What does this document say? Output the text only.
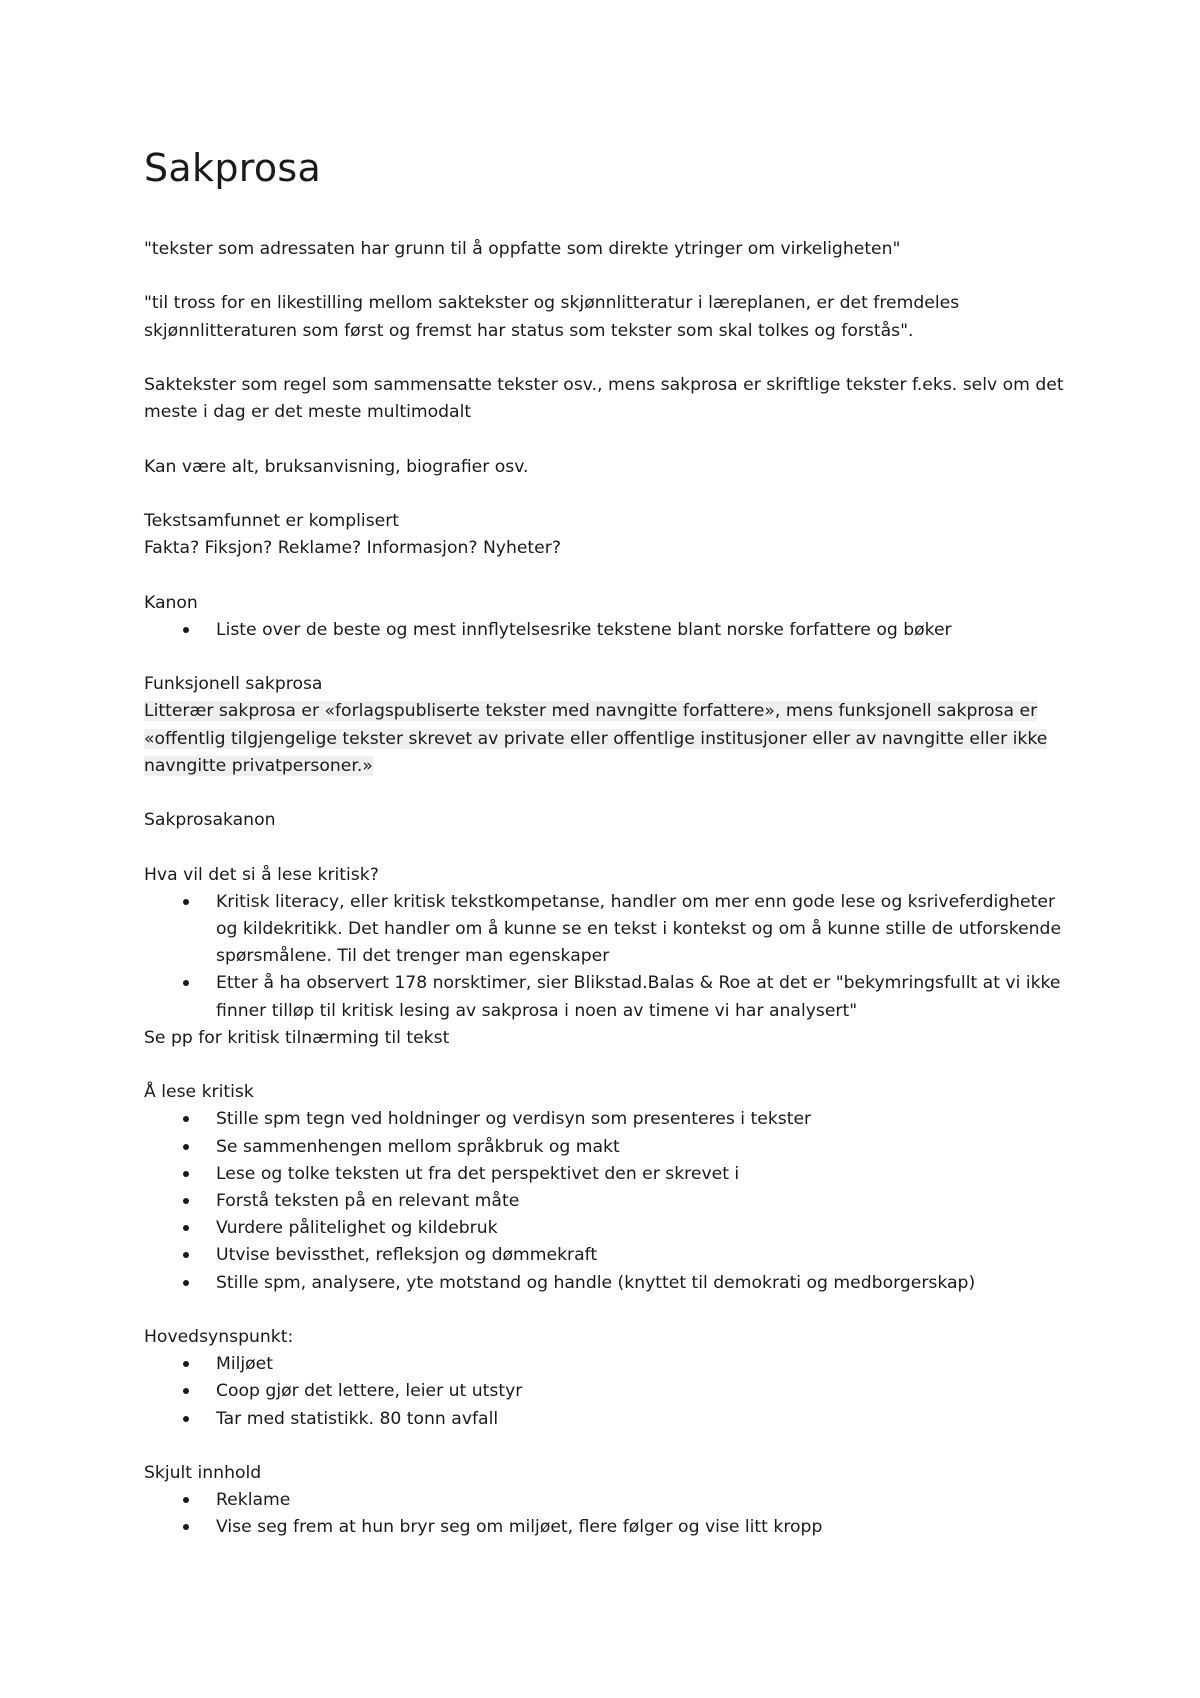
Sakprosa

"tekster som adressaten har grunn til å oppfatte som direkte ytringer om virkeligheten"

"til tross for en likestilling mellom saktekster og skjønnlitteratur i læreplanen, er det fremdeles skjønnlitteraturen som først og fremst har status som tekster som skal tolkes og forstås".

Saktekster som regel som sammensatte tekster osv., mens sakprosa er skriftlige tekster f.eks. selv om det meste i dag er det meste multimodalt

Kan være alt, bruksanvisning, biografier osv.

Tekstsamfunnet er komplisert

Fakta? Fiksjon? Reklame? Informasjon? Nyheter?

Kanon

Liste over de beste og mest innflytelsesrike tekstene blant norske forfattere og bøker

Funksjonell sakprosa

Litterær sakprosa er «forlagspubliserte tekster med navngitte forfattere», mens funksjonell sakprosa er «offentlig tilgjengelige tekster skrevet av private eller offentlige institusjoner eller av navngitte eller ikke navngitte privatpersoner.»

Sakprosakanon

Hva vil det si å lese kritisk?

Kritisk literacy, eller kritisk tekstkompetanse, handler om mer enn gode lese og ksriveferdigheter og kildekritikk. Det handler om å kunne se en tekst i kontekst og om å kunne stille de utforskende spørsmålene. Til det trenger man egenskaper
Etter å ha observert 178 norsktimer, sier Blikstad.Balas & Roe at det er "bekymringsfullt at vi ikke finner tilløp til kritisk lesing av sakprosa i noen av timene vi har analysert"

Se pp for kritisk tilnærming til tekst

Å lese kritisk

Stille spm tegn ved holdninger og verdisyn som presenteres i tekster
Se sammenhengen mellom språkbruk og makt
Lese og tolke teksten ut fra det perspektivet den er skrevet i
Forstå teksten på en relevant måte
Vurdere pålitelighet og kildebruk
Utvise bevissthet, refleksjon og dømmekraft
Stille spm, analysere, yte motstand og handle (knyttet til demokrati og medborgerskap)

Hovedsynspunkt:

Miljøet
Coop gjør det lettere, leier ut utstyr
Tar med statistikk. 80 tonn avfall

Skjult innhold

Reklame
Vise seg frem at hun bryr seg om miljøet, flere følger og vise litt kropp
